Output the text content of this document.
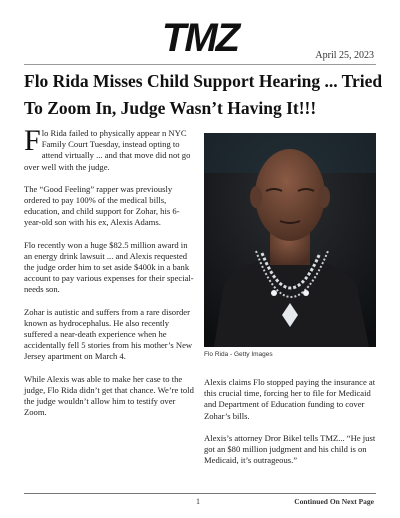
TMZ	April 25, 2023
Flo Rida Misses Child Support Hearing ... Tried To Zoom In, Judge Wasn’t Having It!!!

Flo Rida failed to physically appear n NYC Family Court Tuesday, instead opting to attend virtually ... and that move did not go over well with the judge.

The “Good Feeling” rapper was previously ordered to pay 100% of the medical bills, education, and child support for Zohar, his 6-year-old son with his ex, Alexis Adams.

Flo recently won a huge $82.5 million award in an energy drink lawsuit ... and Alexis requested the judge order him to set aside $400k in a bank account to pay various expenses for their special-needs son.

Zohar is autistic and suffers from a rare disorder known as hydrocephalus. He also recently suffered a near-death experience when he accidentally fell 5 stories from his mother’s New Jersey apartment on March 4.

While Alexis was able to make her case to the judge, Flo Rida didn’t get that chance. We’re told the judge wouldn’t allow him to testify over Zoom.

Flo Rida - Getty Images

Alexis claims Flo stopped paying the insurance at this crucial time, forcing her to file for Medicaid and Department of Education funding to cover Zohar’s bills.

Alexis’s attorney Dror Bikel tells TMZ... “He just got an $80 million judgment and his child is on Medicaid, it’s outrageous.”

1	Continued On Next Page
